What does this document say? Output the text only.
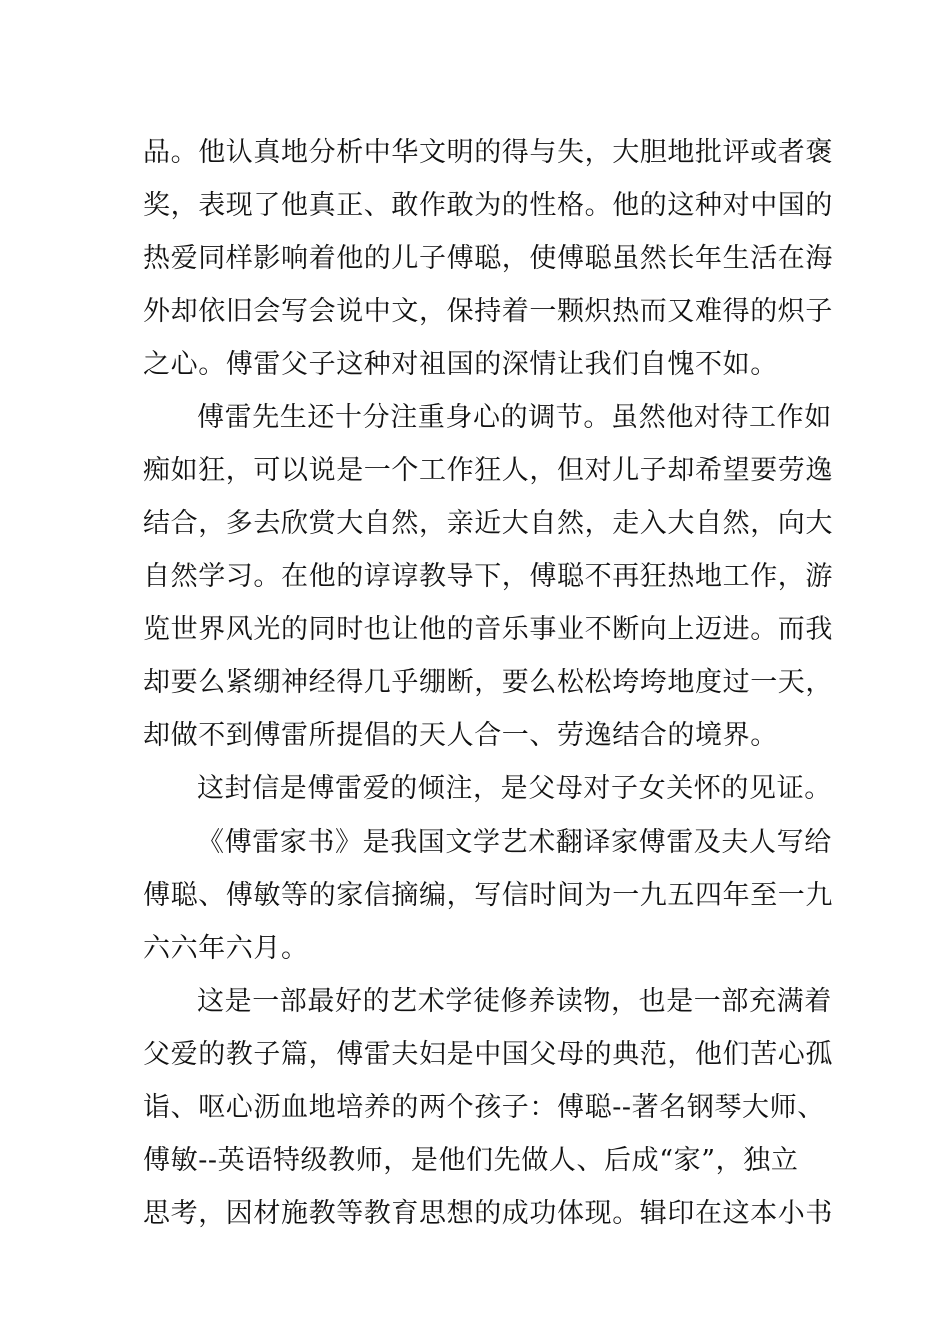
品。他认真地分析中华文明的得与失，大胆地批评或者褒
奖，表现了他真正、敢作敢为的性格。他的这种对中国的
热爱同样影响着他的儿子傅聪，使傅聪虽然长年生活在海
外却依旧会写会说中文，保持着一颗炽热而又难得的炽子
之心。傅雷父子这种对祖国的深情让我们自愧不如。
傅雷先生还十分注重身心的调节。虽然他对待工作如
痴如狂，可以说是一个工作狂人，但对儿子却希望要劳逸
结合，多去欣赏大自然，亲近大自然，走入大自然，向大
自然学习。在他的谆谆教导下，傅聪不再狂热地工作，游
览世界风光的同时也让他的音乐事业不断向上迈进。而我
却要么紧绷神经得几乎绷断，要么松松垮垮地度过一天，
却做不到傅雷所提倡的天人合一、劳逸结合的境界。
这封信是傅雷爱的倾注，是父母对子女关怀的见证。
《傅雷家书》是我国文学艺术翻译家傅雷及夫人写给
傅聪、傅敏等的家信摘编，写信时间为一九五四年至一九
六六年六月。
这是一部最好的艺术学徒修养读物，也是一部充满着
父爱的教子篇，傅雷夫妇是中国父母的典范，他们苦心孤
诣、呕心沥血地培养的两个孩子：傅聪--著名钢琴大师、
傅敏--英语特级教师，是他们先做人、后成“家”，独立
思考，因材施教等教育思想的成功体现。辑印在这本小书
